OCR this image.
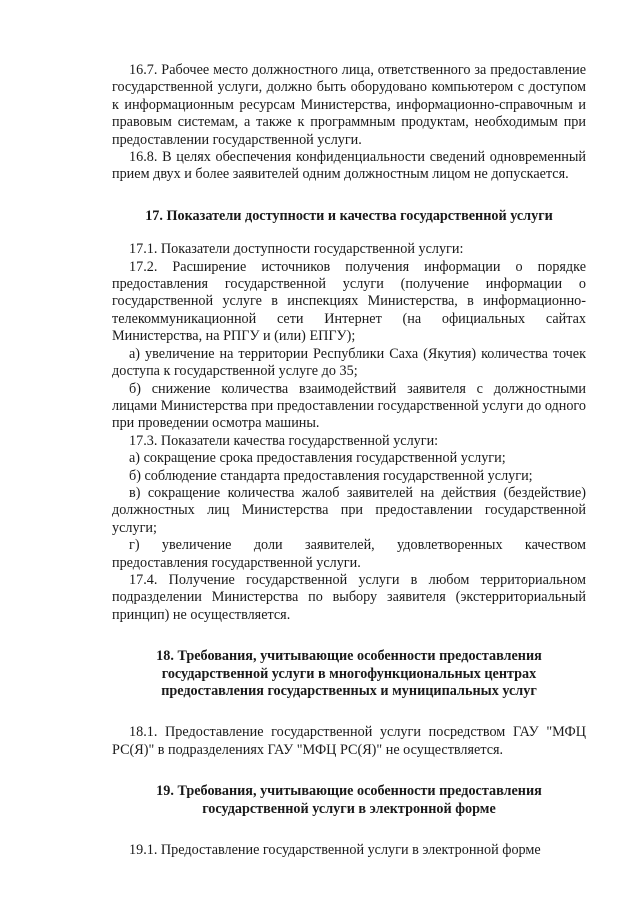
16.7. Рабочее место должностного лица, ответственного за предоставление государственной услуги, должно быть оборудовано компьютером с доступом к информационным ресурсам Министерства, информационно-справочным и правовым системам, а также к программным продуктам, необходимым при предоставлении государственной услуги.

16.8. В целях обеспечения конфиденциальности сведений одновременный прием двух и более заявителей одним должностным лицом не допускается.

17. Показатели доступности и качества государственной услуги

17.1. Показатели доступности государственной услуги:

17.2. Расширение источников получения информации о порядке предоставления государственной услуги (получение информации о государственной услуге в инспекциях Министерства, в информационно-телекоммуникационной сети Интернет (на официальных сайтах Министерства, на РПГУ и (или) ЕПГУ);

а) увеличение на территории Республики Саха (Якутия) количества точек доступа к государственной услуге до 35;

б) снижение количества взаимодействий заявителя с должностными лицами Министерства при предоставлении государственной услуги до одного при проведении осмотра машины.

17.3. Показатели качества государственной услуги:

а) сокращение срока предоставления государственной услуги;

б) соблюдение стандарта предоставления государственной услуги;

в) сокращение количества жалоб заявителей на действия (бездействие) должностных лиц Министерства при предоставлении государственной услуги;

г) увеличение доли заявителей, удовлетворенных качеством предоставления государственной услуги.

17.4. Получение государственной услуги в любом территориальном подразделении Министерства по выбору заявителя (экстерриториальный принцип) не осуществляется.

18. Требования, учитывающие особенности предоставления

государственной услуги в многофункциональных центрах

предоставления государственных и муниципальных услуг

18.1. Предоставление государственной услуги посредством ГАУ "МФЦ РС(Я)" в подразделениях ГАУ "МФЦ РС(Я)" не осуществляется.

19. Требования, учитывающие особенности предоставления

государственной услуги в электронной форме

19.1. Предоставление государственной услуги в электронной форме
